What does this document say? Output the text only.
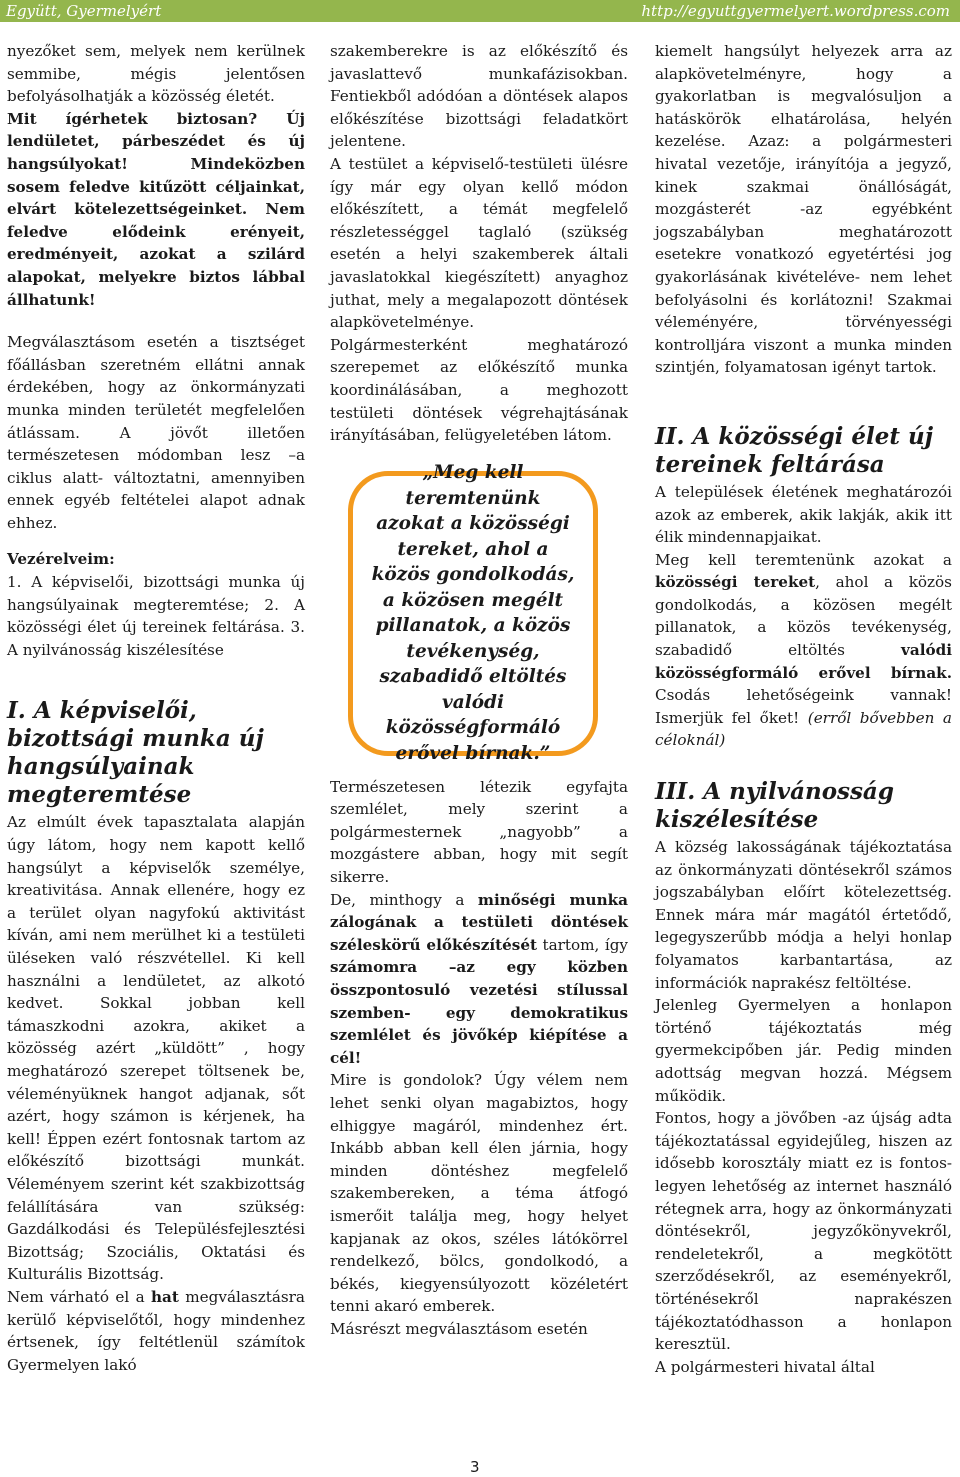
Együtt, Gyermelyért	http://egyuttgyermelyert.wordpress.com

nyezőket sem, melyek nem kerülnek semmibe, mégis jelentősen befolyásolhatják a közösség életét.

Mit ígérhetek biztosan? Új lendületet, párbeszédet és új hangsúlyokat! Mindeközben sosem feledve kitűzött céljainkat, elvárt kötelezettségeinket. Nem feledve elődeink erényeit, eredményeit, azokat a szilárd alapokat, melyekre biztos lábbal állhatunk!

Megválasztásom esetén a tisztséget főállásban szeretném ellátni annak érdekében, hogy az önkormányzati munka minden területét megfelelően átlássam.	A jövőt illetően természetesen módomban lesz –a ciklus alatt- változtatni, amennyiben ennek egyéb feltételei alapot adnak ehhez.

Vezérelveim:

1. A képviselői, bizottsági munka új hangsúlyainak megteremtése; 2. A közösségi élet új tereinek feltárása. 3. A nyilvánosság kiszélesítése

I. A képviselői, bizottsági munka új hangsúlyainak megteremtése

Az elmúlt évek tapasztalata alapján úgy látom, hogy nem kapott kellő hangsúlyt a képviselők személye, kreativitása. Annak ellenére, hogy ez a terület olyan nagyfokú aktivitást kíván, ami nem merülhet ki a testületi üléseken való részvétellel. Ki kell használni a lendületet, az alkotó kedvet. Sokkal jobban kell támaszkodni azokra, akiket a közösség azért „küldött” , hogy meghatározó szerepet töltsenek be, véleményüknek hangot adjanak, sőt azért, hogy számon is kérjenek, ha kell! Éppen ezért fontosnak tartom az előkészítő bizottsági munkát. Véleményem szerint két szakbizottság felállítására van szükség: Gazdálkodási és Településfejlesztési Bizottság; Szociális, Oktatási és Kulturális Bizottság.

Nem várható el a hat megválasztásra kerülő képviselőtől, hogy mindenhez értsenek, így feltétlenül számítok Gyermelyen lakó

szakemberekre is az előkészítő és javaslattevő munkafázisokban. Fentiekből adódóan a döntések alapos előkészítése bizottsági feladatkört jelentene.

A testület a képviselő-testületi ülésre így már egy olyan kellő módon előkészített, a témát megfelelő részletességgel taglaló (szükség esetén a helyi szakemberek általi javaslatokkal kiegészített) anyaghoz juthat, mely a megalapozott döntések alapkövetelménye.

Polgármesterként meghatározó szerepemet az előkészítő munka koordinálásában, a meghozott testületi döntések végrehajtásának irányításában, felügyeletében látom.

„Meg kell teremtenünk azokat a közösségi tereket, ahol a közös gondolkodás, a közösen megélt pillanatok, a közös tevékenység, szabadidő eltöltés valódi közösségformáló erővel bírnak.”

Természetesen létezik egyfajta szemlélet, mely szerint a polgármesternek „nagyobb” a mozgástere abban, hogy mit segít sikerre.

De, minthogy a minőségi munka zálogának a testületi döntések széleskörű előkészítését tartom, így számomra –az egy közben összpontosuló vezetési stílussal szemben- egy demokratikus szemlélet és jövőkép kiépítése a cél!

Mire is gondolok? Úgy vélem nem lehet senki olyan magabiztos, hogy elhiggye magáról, mindenhez ért. Inkább abban kell élen járnia, hogy minden döntéshez megfelelő szakembereken, a téma átfogó ismerőit találja meg, hogy helyet kapjanak az okos, széles látókörrel rendelkező, bölcs, gondolkodó, a békés, kiegyensúlyozott közéletért tenni akaró emberek.

Másrészt megválasztásom esetén

kiemelt hangsúlyt helyezek arra az alapkövetelményre, hogy a gyakorlatban is megvalósuljon a hatáskörök elhatárolása, helyén kezelése. Azaz: a polgármesteri hivatal vezetője, irányítója a jegyző, kinek szakmai önállóságát, mozgásterét -az egyébként jogszabályban meghatározott esetekre vonatkozó egyetértési jog gyakorlásának kivételéve- nem lehet befolyásolni és korlátozni! Szakmai véleményére, törvényességi kontrolljára viszont a munka minden szintjén, folyamatosan igényt tartok.

II. A közösségi élet új tereinek feltárása

A települések életének meghatározói azok az emberek, akik lakják, akik itt élik mindennapjaikat.

Meg kell teremtenünk azokat a közösségi tereket, ahol a közös gondolkodás, a közösen megélt pillanatok, a közös tevékenység, szabadidő eltöltés valódi közösségformáló erővel bírnak. Csodás lehetőségeink vannak! Ismerjük fel őket! (erről bővebben a céloknál)

III. A nyilvánosság kiszélesítése

A község lakosságának tájékoztatása az önkormányzati döntésekről számos jogszabályban előírt kötelezettség. Ennek mára már magától értetődő, legegyszerűbb módja a helyi honlap folyamatos karbantartása, az információk naprakész feltöltése.

Jelenleg Gyermelyen a honlapon történő tájékoztatás még gyermekcipőben jár. Pedig minden adottság megvan hozzá. Mégsem működik.

Fontos, hogy a jövőben -az újság adta tájékoztatással egyidejűleg, hiszen az idősebb korosztály miatt ez is fontos- legyen lehetőség az internet használó rétegnek arra, hogy az önkormányzati döntésekről, jegyzőkönyvekről, rendeletekről, a megkötött szerződésekről, az eseményekről, történésekről naprakészen tájékoztatódhasson a honlapon keresztül.

A polgármesteri hivatal által

3
